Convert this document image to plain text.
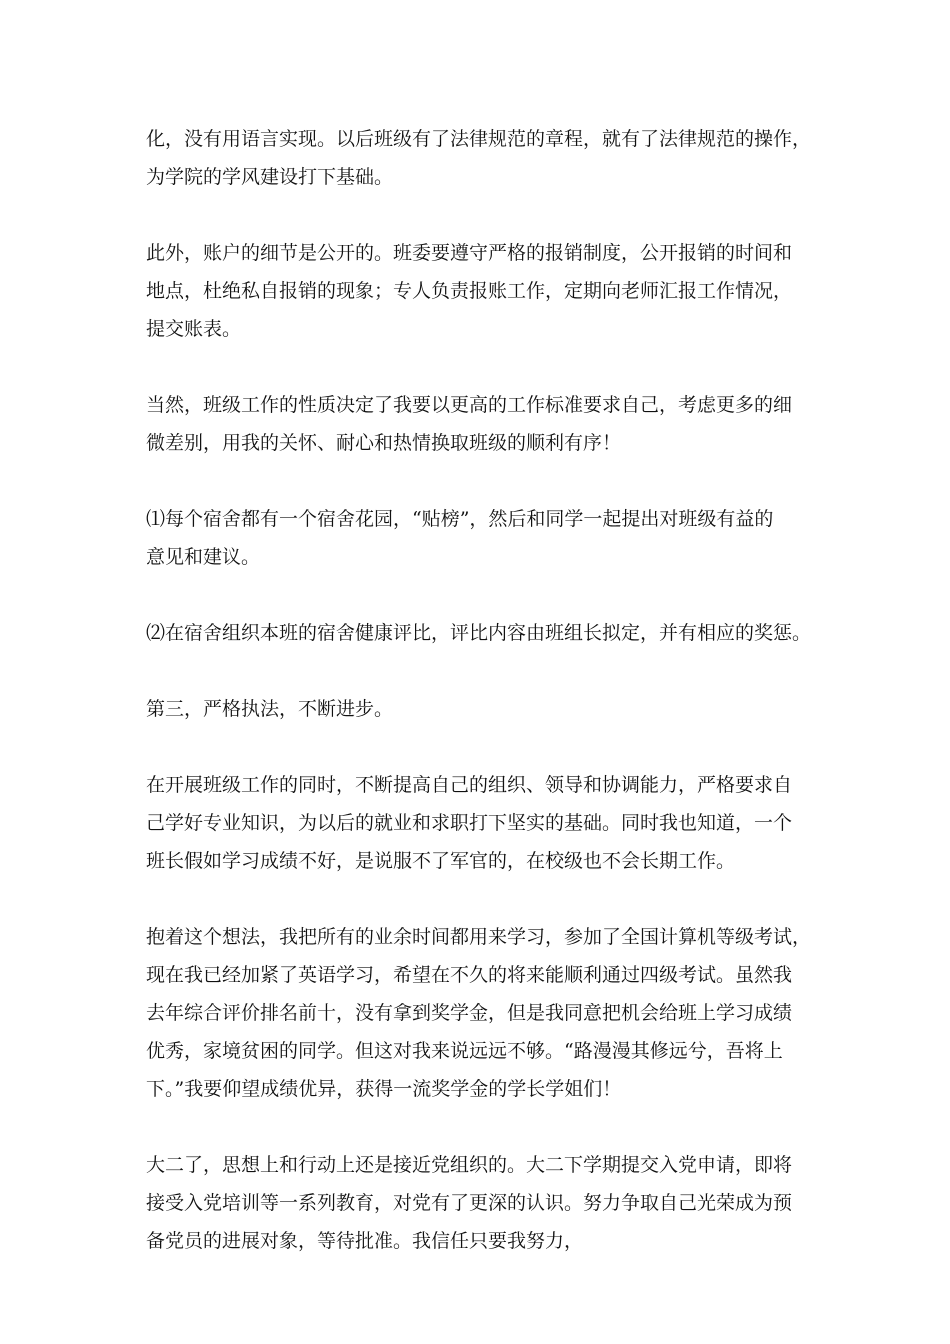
化，没有用语言实现。以后班级有了法律规范的章程，就有了法律规范的操作，
为学院的学风建设打下基础。
此外，账户的细节是公开的。班委要遵守严格的报销制度，公开报销的时间和
地点，杜绝私自报销的现象；专人负责报账工作，定期向老师汇报工作情况，
提交账表。
当然，班级工作的性质决定了我要以更高的工作标准要求自己，考虑更多的细
微差别，用我的关怀、耐心和热情换取班级的顺利有序！
⑴每个宿舍都有一个宿舍花园，“贴榜”，然后和同学一起提出对班级有益的
意见和建议。
⑵在宿舍组织本班的宿舍健康评比，评比内容由班组长拟定，并有相应的奖惩。
第三，严格执法，不断进步。
在开展班级工作的同时，不断提高自己的组织、领导和协调能力，严格要求自
己学好专业知识，为以后的就业和求职打下坚实的基础。同时我也知道，一个
班长假如学习成绩不好，是说服不了军官的，在校级也不会长期工作。
抱着这个想法，我把所有的业余时间都用来学习，参加了全国计算机等级考试，
现在我已经加紧了英语学习，希望在不久的将来能顺利通过四级考试。虽然我
去年综合评价排名前十，没有拿到奖学金，但是我同意把机会给班上学习成绩
优秀，家境贫困的同学。但这对我来说远远不够。“路漫漫其修远兮，吾将上
下。”我要仰望成绩优异，获得一流奖学金的学长学姐们！
大二了，思想上和行动上还是接近党组织的。大二下学期提交入党申请，即将
接受入党培训等一系列教育，对党有了更深的认识。努力争取自己光荣成为预
备党员的进展对象，等待批准。我信任只要我努力，
